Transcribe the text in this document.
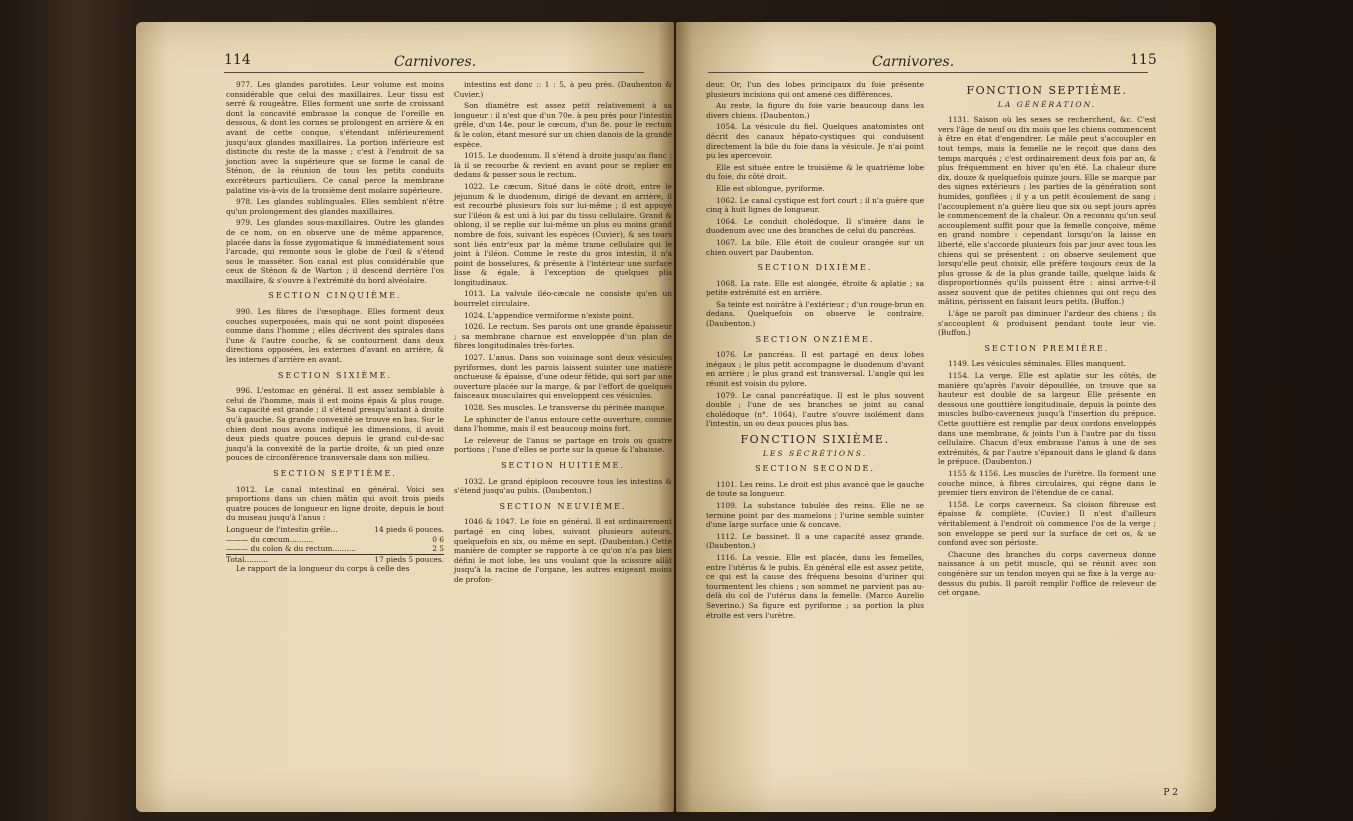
114	Carnivores.

977. Les glandes parotides. Leur volume est moins considérable que celui des maxillaires. Leur tissu est serré & rougeâtre. Elles forment une sorte de croissant dont la concavité embrasse la conque de l'oreille en dessous, & dont les cornes se prolongent en arrière & en avant de cette conque, s'étendant inférieurement jusqu'aux glandes maxillaires. La portion inférieure est distincte du reste de la masse ; c'est à l'endroit de sa jonction avec la supérieure que se forme le canal de Sténon, de la réunion de tous les petits conduits excréteurs particuliers. Ce canal perce la membrane palatine vis-à-vis de la troisième dent molaire supérieure.

978. Les glandes sublinguales. Elles semblent n'être qu'un prolongement des glandes maxillaires.

979. Les glandes sous-maxillaires. Outre les glandes de ce nom, on en observe une de même apparence, placée dans la fosse zygomatique & immédiatement sous l'arcade, qui remonte sous le globe de l'œil & s'étend sous le masséter. Son canal est plus considérable que ceux de Sténon & de Warton ; il descend derrière l'os maxillaire, & s'ouvre à l'extrémité du bord alvéolaire.

SECTION CINQUIÈME.

990. Les fibres de l'œsophage. Elles forment deux couches superposées, mais qui ne sont point disposées comme dans l'homme ; elles décrivent des spirales dans l'une & l'autre couche, & se contournent dans deux directions opposées, les externes d'avant en arrière, & les internes d'arrière en avant.

SECTION SIXIÈME.

996. L'estomac en général. Il est assez semblable à celui de l'homme, mais il est moins épais & plus rouge. Sa capacité est grande ; il s'étend presqu'autant à droite qu'à gauche. Sa grande convexité se trouve en bas. Sur le chien dont nous avons indiqué les dimensions, il avoit deux pieds quatre pouces depuis le grand cul-de-sac jusqu'à la convexité de la partie droite, & un pied onze pouces de circonférence transversale dans son milieu.

SECTION SEPTIÈME.

1012. Le canal intestinal en général. Voici ses proportions dans un chien mâtin qui avoit trois pieds quatre pouces de longueur en ligne droite, depuis le bout du museau jusqu'à l'anus :

Longueur de l'intestin grêle...	14 pieds 6 pouces.
——— du cœcum..........	0 6
——— du colon & du rectum..........	2 5
Total..........	17 pieds 5 pouces.

Le rapport de la longueur du corps à celle des

intestins est donc :: 1 : 5, à peu près. (Daubenton & Cuvier.)

Son diamètre est assez petit relativement à sa longueur : il n'est que d'un 70e. à peu près pour l'intestin grêle, d'un 14e. pour le cœcum, d'un 8e. pour le rectum & le colon, étant mesuré sur un chien danois de la grande espèce.

1015. Le duodenum. Il s'étend à droite jusqu'au flanc ; là il se recourbe & revient en avant pour se replier en dedans & passer sous le rectum.

1022. Le cæcum. Situé dans le côté droit, entre le jejunum & le duodenum, dirigé de devant en arrière, il est recourbé plusieurs fois sur lui-même ; il est appuyé sur l'iléon & est uni à lui par du tissu cellulaire. Grand & oblong, il se replie sur lui-même un plus ou moins grand nombre de fois, suivant les espèces (Cuvier), & ses tours sont liés entr'eux par la même trame cellulaire qui le joint à l'iléon. Comme le reste du gros intestin, il n'a point de bosselures, & présente à l'intérieur une surface lisse & égale, à l'exception de quelques plis longitudinaux.

1013. La valvule iléo-cæcale ne consiste qu'en un bourrelet circulaire.

1024. L'appendice vermiforme n'existe point.

1026. Le rectum. Ses parois ont une grande épaisseur ; sa membrane charnue est enveloppée d'un plan de fibres longitudinales très-fortes.

1027. L'anus. Dans son voisinage sont deux vésicules pyriformes, dont les parois laissent suinter une matière onctueuse & épaisse, d'une odeur fétide, qui sort par une ouverture placée sur la marge, & par l'effort de quelques faisceaux musculaires qui enveloppent ces vésicules.

1028. Ses muscles. Le transverse du périnée manque.

Le sphincter de l'anus entoure cette ouverture, comme dans l'homme, mais il est beaucoup moins fort.

Le releveur de l'anus se partage en trois ou quatre portions ; l'une d'elles se porte sur la queue & l'abaisse.

SECTION HUITIÈME.

1032. Le grand épiploon recouvre tous les intestins & s'étend jusqu'au pubis. (Daubenton.)

SECTION NEUVIÈME.

1046 & 1047. Le foie en général. Il est ordinairement partagé en cinq lobes, suivant plusieurs auteurs, quelquefois en six, ou même en sept. (Daubenton.) Cette manière de compter se rapporte à ce qu'on n'a pas bien défini le mot lobe, les uns voulant que la scissure allât jusqu'à la racine de l'organe, les autres exigeant moins de profon-

Carnivores.	115

deur. Or, l'un des lobes principaux du foie présente plusieurs incisions qui ont amené ces différences.

Au reste, la figure du foie varie beaucoup dans les divers chiens. (Daubenton.)

1054. La vésicule du fiel. Quelques anatomistes ont décrit des canaux hépato-cystiques qui conduisent directement la bile du foie dans la vésicule. Je n'ai point pu les apercevoir.

Elle est située entre le troisième & le quatrième lobe du foie, du côté droit.

Elle est oblongue, pyriforme.

1062. Le canal cystique est fort court ; il n'a guère que cinq à huit lignes de longueur.

1064. Le conduit cholédoque. Il s'insère dans le duodenum avec une des branches de celui du pancréas.

1067. La bile. Elle étoit de couleur orangée sur un chien ouvert par Daubenton.

SECTION DIXIÈME.

1068. La rate. Elle est alongée, étroite & aplatie ; sa petite extrémité est en arrière.

Sa teinte est noirâtre à l'extérieur ; d'un rouge-brun en dedans. Quelquefois on observe le contraire. (Daubenton.)

SECTION ONZIÈME.

1076. Le pancréas. Il est partagé en deux lobes inégaux ; le plus petit accompagne le duodenum d'avant en arrière ; le plus grand est transversal. L'angle qui les réunit est voisin du pylore.

1079. Le canal pancréatique. Il est le plus souvent double ; l'une de ses branches se joint au canal cholédoque (n°. 1064), l'autre s'ouvre isolément dans l'intestin, un ou deux pouces plus bas.

FONCTION SIXIÈME.
LES SÉCRÉTIONS.
SECTION SECONDE.

1101. Les reins. Le droit est plus avancé que le gauche de toute sa longueur.

1109. La substance tubulée des reins. Elle ne se termine point par des mamelons ; l'urine semble suinter d'une large surface unie & concave.

1112. Le bassinet. Il a une capacité assez grande. (Daubenton.)

1116. La vessie. Elle est placée, dans les femelles, entre l'utérus & le pubis. En général elle est assez petite, ce qui est la cause des fréquens besoins d'uriner qui tourmentent les chiens ; son sommet ne parvient pas au-delà du col de l'utérus dans la femelle. (Marco Aurelio Severino.) Sa figure est pyriforme ; sa portion la plus étroite est vers l'urètre.

FONCTION SEPTIÈME.
LA GÉNÉRATION.

1131. Saison où les sexes se recherchent, &c. C'est vers l'âge de neuf ou dix mois que les chiens commencent à être en état d'engendrer. Le mâle peut s'accoupler en tout temps, mais la femelle ne le reçoit que dans des temps marqués ; c'est ordinairement deux fois par an, & plus fréquemment en hiver qu'en été. La chaleur dure dix, douze & quelquefois quinze jours. Elle se marque par des signes extérieurs ; les parties de la génération sont humides, gonflées ; il y a un petit écoulement de sang ; l'accouplement n'a guère lieu que six ou sept jours après le commencement de la chaleur. On a reconnu qu'un seul accouplement suffit pour que la femelle conçoive, même en grand nombre : cependant lorsqu'on la laisse en liberté, elle s'accorde plusieurs fois par jour avec tous les chiens qui se présentent : on observe seulement que lorsqu'elle peut choisir, elle préfère toujours ceux de la plus grosse & de la plus grande taille, quelque laids & disproportionnés qu'ils puissent être : ainsi arrive-t-il assez souvent que de petites chiennes qui ont reçu des mâtins, périssent en faisant leurs petits. (Buffon.)

L'âge ne paroît pas diminuer l'ardeur des chiens ; ils s'accouplent & produisent pendant toute leur vie. (Buffon.)

SECTION PREMIÈRE.

1149. Les vésicules séminales. Elles manquent.

1154. La verge. Elle est aplatie sur les côtés, de manière qu'après l'avoir dépouillée, on trouve que sa hauteur est double de sa largeur. Elle présente en dessous une gouttière longitudinale, depuis la pointe des muscles bulbo-caverneux jusqu'à l'insertion du prépuce. Cette gouttière est remplie par deux cordons enveloppés dans une membrane, & joints l'un à l'autre par du tissu cellulaire. Chacun d'eux embrasse l'anus à une de ses extrémités, & par l'autre s'épanouit dans le gland & dans le prépuce. (Daubenton.)

1155 & 1156. Les muscles de l'urètre. Ils forment une couche mince, à fibres circulaires, qui règne dans le premier tiers environ de l'étendue de ce canal.

1158. Le corps caverneux. Sa cloison fibreuse est épaisse & complète. (Cuvier.) Il n'est d'ailleurs véritablement à l'endroit où commence l'os de la verge ; son enveloppe se perd sur la surface de cet os, & se confond avec son périoste.

Chacune des branches du corps caverneux donne naissance à un petit muscle, qui se réunit avec son congénère sur un tendon moyen qui se fixe à la verge au-dessus du pubis. Il paroît remplir l'office de releveur de cet organe.

P 2
